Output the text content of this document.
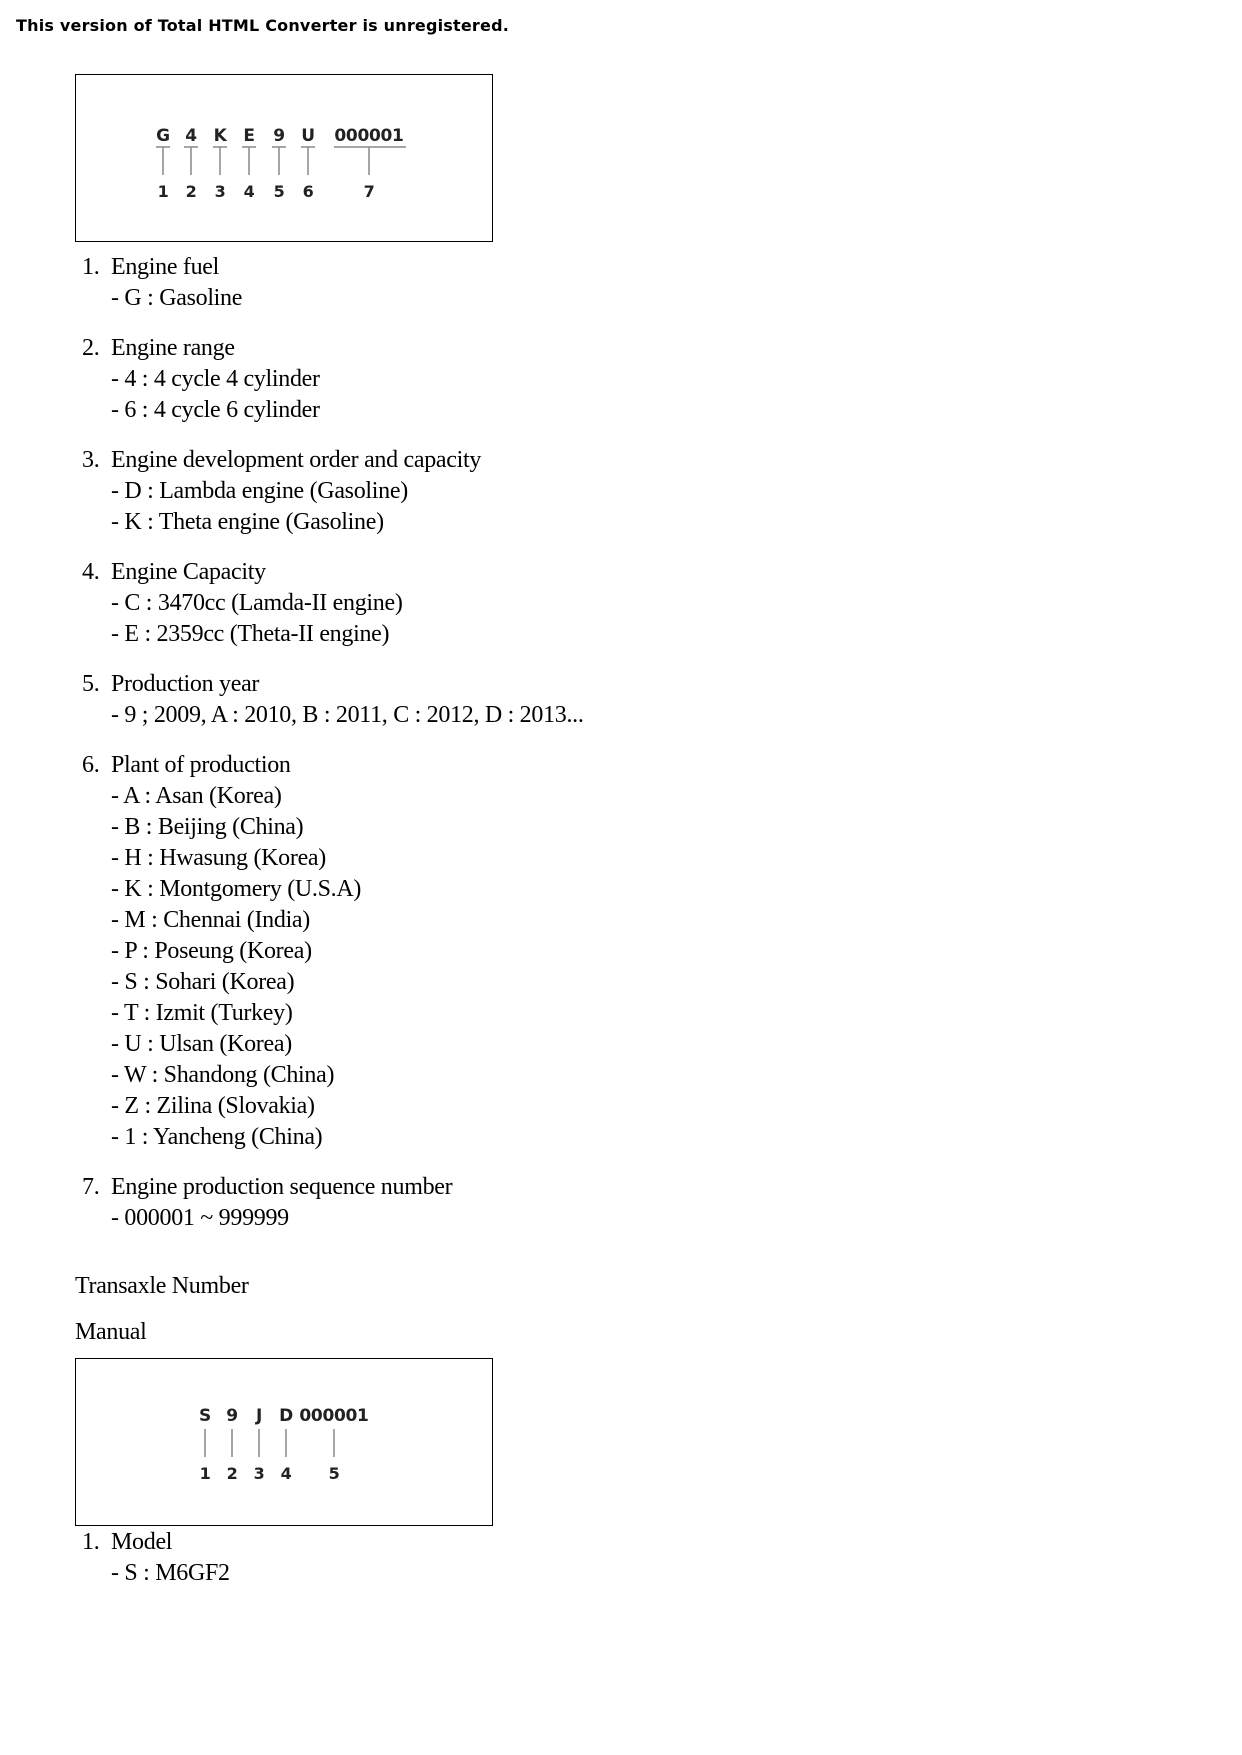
This version of Total HTML Converter is unregistered.
G 4 K E 9 U 000001
1 2 3 4 5 6	7
1. Engine fuel
- G : Gasoline
2. Engine range
- 4 : 4 cycle 4 cylinder
- 6 : 4 cycle 6 cylinder
3. Engine development order and capacity
- D : Lambda engine (Gasoline)
- K : Theta engine (Gasoline)
4. Engine Capacity
- C : 3470cc (Lamda-II engine)
- E : 2359cc (Theta-II engine)
5. Production year
- 9 ; 2009, A : 2010, B : 2011, C : 2012, D : 2013...
6. Plant of production
- A : Asan (Korea)
- B : Beijing (China)
- H : Hwasung (Korea)
- K : Montgomery (U.S.A)
- M : Chennai (India)
- P : Poseung (Korea)
- S : Sohari (Korea)
- T : Izmit (Turkey)
- U : Ulsan (Korea)
- W : Shandong (China)
- Z : Zilina (Slovakia)
- 1 : Yancheng (China)
7. Engine production sequence number
- 000001 ~ 999999
Transaxle Number
Manual
S 9 J D 000001
1 2 3 4 5
1. Model
- S : M6GF2
